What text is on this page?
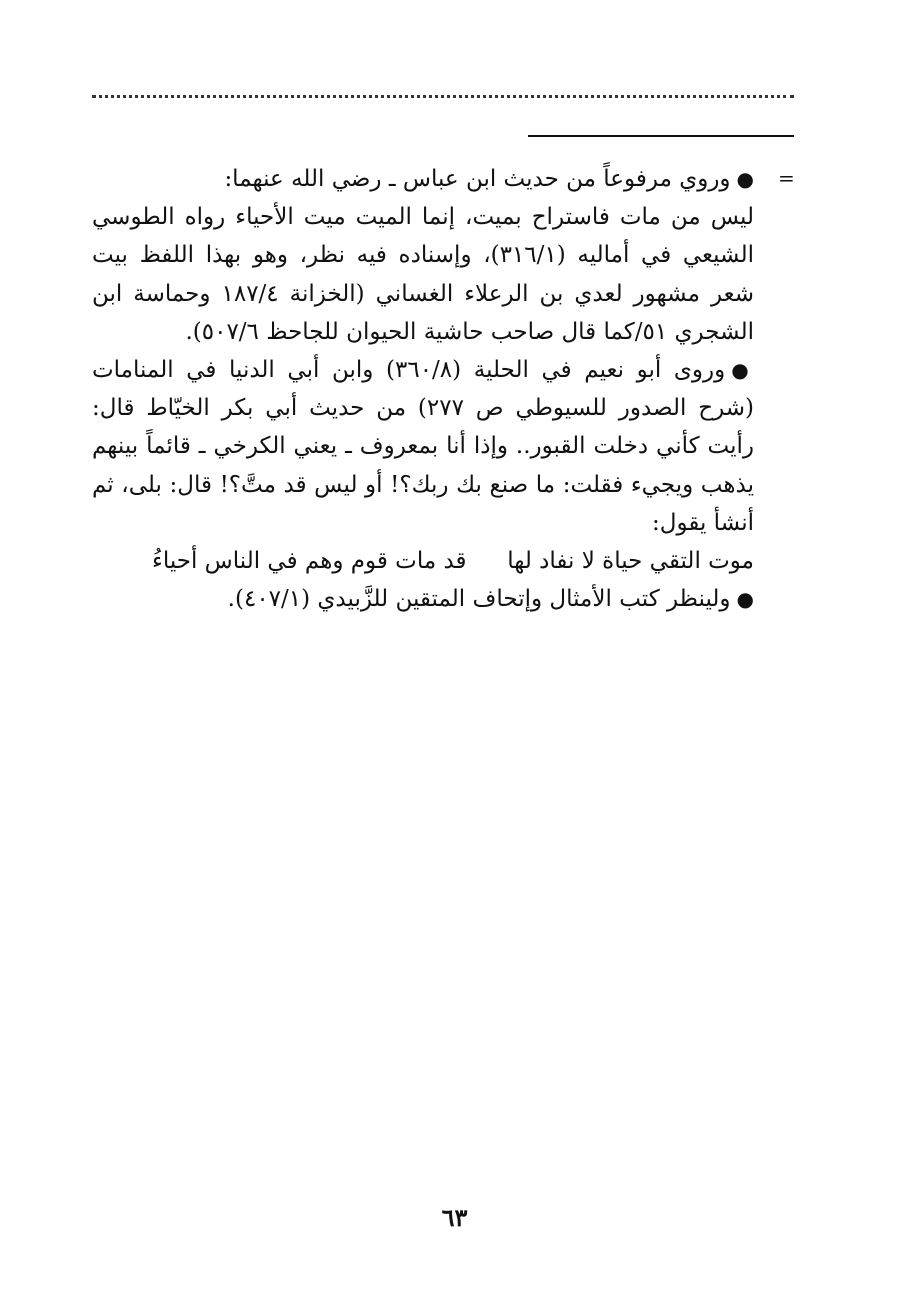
=

●وروي مرفوعاً من حديث ابن عباس ـ رضي الله عنهما:
ليس من مات فاستراح بميت، إنما الميت ميت الأحياء رواه الطوسي الشيعي في أماليه (٣١٦/١)، وإسناده فيه نظر، وهو بهذا اللفظ بيت شعر مشهور لعدي بن الرعلاء الغساني (الخزانة ١٨٧/٤ وحماسة ابن الشجري ٥١/كما قال صاحب حاشية الحيوان للجاحظ ٥٠٧/٦).

●وروى أبو نعيم في الحلية (٣٦٠/٨) وابن أبي الدنيا في المنامات (شرح الصدور للسيوطي ص ٢٧٧) من حديث أبي بكر الخيّاط قال: رأيت كأني دخلت القبور.. وإذا أنا بمعروف ـ يعني الكرخي ـ قائماً بينهم يذهب ويجيء فقلت: ما صنع بك ربك؟! أو ليس قد متَّ؟! قال: بلى، ثم أنشأ يقول:

موت التقي حياة لا نفاد لها
قد مات قوم وهم في الناس أحياءُ

●ولينظر كتب الأمثال وإتحاف المتقين للزَّبيدي (٤٠٧/١).

٦٣
